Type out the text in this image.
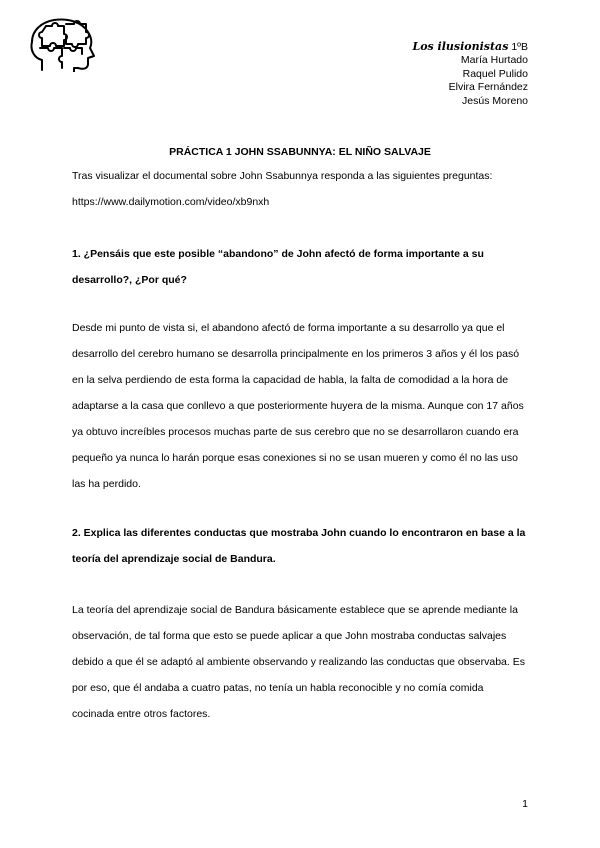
Los ilusionistas 1ºB
María Hurtado
Raquel Pulido
Elvira Fernández
Jesús Moreno
PRÁCTICA 1 JOHN SSABUNNYA: EL NIÑO SALVAJE
Tras visualizar el documental sobre John Ssabunnya responda a las siguientes preguntas:
https://www.dailymotion.com/video/xb9nxh
1. ¿Pensáis que este posible “abandono” de John afectó de forma importante a su desarrollo?, ¿Por qué?
Desde mi punto de vista si, el abandono afectó de forma importante a su desarrollo ya que el desarrollo del cerebro humano se desarrolla principalmente en los primeros 3 años y él los pasó en la selva perdiendo de esta forma la capacidad de habla, la falta de comodidad a la hora de adaptarse a la casa que conllevo a que posteriormente huyera de la misma. Aunque con 17 años ya obtuvo increíbles procesos muchas parte de sus cerebro que no se desarrollaron cuando era pequeño ya nunca lo harán porque esas conexiones si no se usan mueren y como él no las uso las ha perdido.
2. Explica las diferentes conductas que mostraba John cuando lo encontraron en base a la teoría del aprendizaje social de Bandura.
La teoría del aprendizaje social de Bandura básicamente establece que se aprende mediante la observación, de tal forma que esto se puede aplicar a que John mostraba conductas salvajes debido a que él se adaptó al ambiente observando y realizando las conductas que observaba. Es por eso, que él andaba a cuatro patas, no tenía un habla reconocible y no comía comida cocinada entre otros factores.
1
